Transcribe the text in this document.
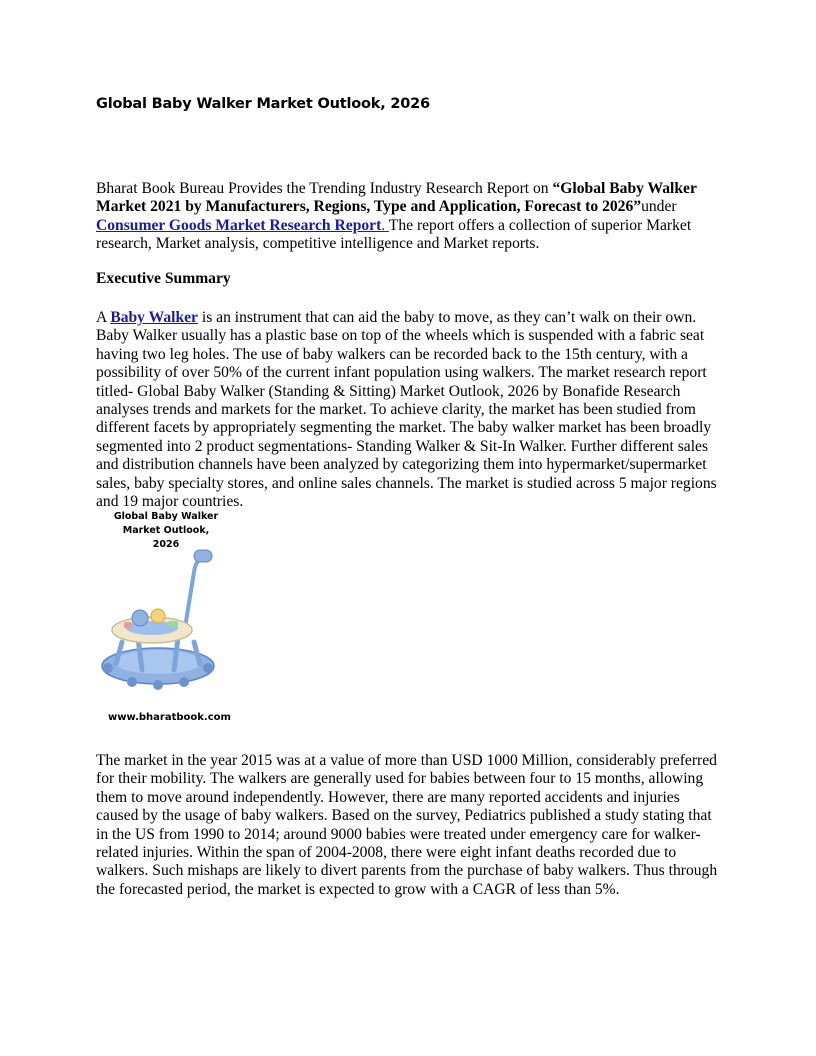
Global Baby Walker Market Outlook, 2026

Bharat Book Bureau Provides the Trending Industry Research Report on “Global Baby Walker Market 2021 by Manufacturers, Regions, Type and Application, Forecast to 2026”under
Consumer Goods Market Research Report. The report offers a collection of superior Market research, Market analysis, competitive intelligence and Market reports.

Executive Summary

A Baby Walker is an instrument that can aid the baby to move, as they can’t walk on their own. Baby Walker usually has a plastic base on top of the wheels which is suspended with a fabric seat having two leg holes. The use of baby walkers can be recorded back to the 15th century, with a possibility of over 50% of the current infant population using walkers. The market research report titled- Global Baby Walker (Standing & Sitting) Market Outlook, 2026 by Bonafide Research analyses trends and markets for the market. To achieve clarity, the market has been studied from different facets by appropriately segmenting the market. The baby walker market has been broadly segmented into 2 product segmentations- Standing Walker & Sit-In Walker. Further different sales and distribution channels have been analyzed by categorizing them into hypermarket/supermarket sales, baby specialty stores, and online sales channels. The market is studied across 5 major regions and 19 major countries.

Global Baby Walker
Market Outlook,
2026
www.bharatbook.com

The market in the year 2015 was at a value of more than USD 1000 Million, considerably preferred for their mobility. The walkers are generally used for babies between four to 15 months, allowing them to move around independently. However, there are many reported accidents and injuries caused by the usage of baby walkers. Based on the survey, Pediatrics published a study stating that in the US from 1990 to 2014; around 9000 babies were treated under emergency care for walker-related injuries. Within the span of 2004-2008, there were eight infant deaths recorded due to walkers. Such mishaps are likely to divert parents from the purchase of baby walkers. Thus through the forecasted period, the market is expected to grow with a CAGR of less than 5%.
